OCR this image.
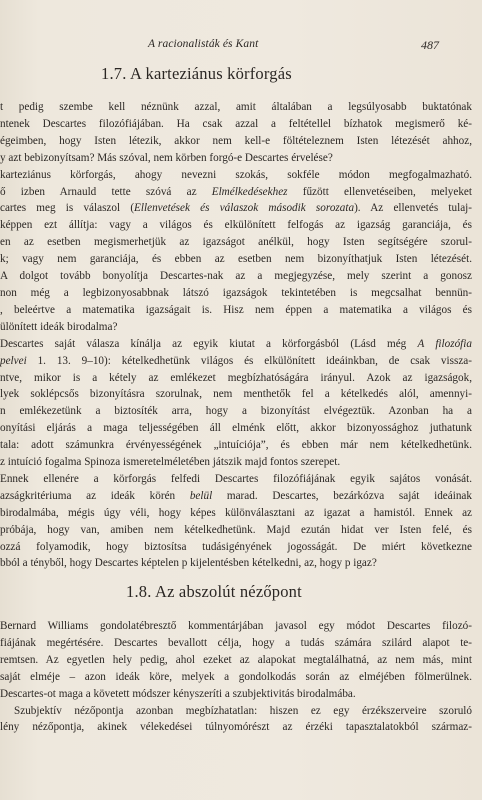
A racionalisták és Kant	487
1.7. A karteziánus körforgás

t pedig szembe kell néznünk azzal, amit általában a legsúlyosabb buktatónak

ntenek Descartes filozófiájában. Ha csak azzal a feltétellel bízhatok megismerő ké-

égeimben, hogy Isten létezik, akkor nem kell-e föltételeznem Isten létezését ahhoz,

y azt bebizonyítsam? Más szóval, nem körben forgó-e Descartes érvelése?

karteziánus körforgás, ahogy nevezni szokás, sokféle módon megfogalmazható.

ő izben Arnauld tette szóvá az Elmélkedésekhez fűzött ellenvetéseiben, melyeket

cartes meg is válaszol (Ellenvetések és válaszok második sorozata). Az ellenvetés tulaj-

képpen ezt állítja: vagy a világos és elkülönített felfogás az igazság garanciája, és

en az esetben megismerhetjük az igazságot anélkül, hogy Isten segítségére szorul-

k; vagy nem garanciája, és ebben az esetben nem bizonyíthatjuk Isten létezését.

A dolgot tovább bonyolítja Descartes-nak az a megjegyzése, mely szerint a gonosz

non még a legbizonyosabbnak látszó igazságok tekintetében is megcsalhat bennün-

, beleértve a matematika igazságait is. Hisz nem éppen a matematika a világos és

ülönített ideák birodalma?

Descartes saját válasza kínálja az egyik kiutat a körforgásból (Lásd még A filozófia

pelvei 1. 13. 9–10): kételkedhetünk világos és elkülönített ideáinkban, de csak vissza-

ntve, mikor is a kétely az emlékezet megbízhatóságára irányul. Azok az igazságok,

lyek soklépcsős bizonyításra szorulnak, nem menthetők fel a kételkedés alól, amennyi-

n emlékezetünk a biztosíték arra, hogy a bizonyítást elvégeztük. Azonban ha a

onyítási eljárás a maga teljességében áll elménk előtt, akkor bizonyossághoz juthatunk

tala: adott számunkra érvényességének „intuíciója”, és ebben már nem kételkedhetünk.

z intuíció fogalma Spinoza ismeretelméletében játszik majd fontos szerepet.

Ennek ellenére a körforgás felfedi Descartes filozófiájának egyik sajátos vonását.

azságkritériuma az ideák körén belül marad. Descartes, bezárkózva saját ideáinak

birodalmába, mégis úgy véli, hogy képes különválasztani az igazat a hamistól. Ennek az

próbája, hogy van, amiben nem kételkedhetünk. Majd ezután hidat ver Isten felé, és

ozzá folyamodik, hogy biztosítsa tudásigényének jogosságát. De miért következne

bból a tényből, hogy Descartes képtelen p kijelentésben kételkedni, az, hogy p igaz?

1.8. Az abszolút nézőpont

Bernard Williams gondolatébresztő kommentárjában javasol egy módot Descartes filozó-

fiájának megértésére. Descartes bevallott célja, hogy a tudás számára szilárd alapot te-

remtsen. Az egyetlen hely pedig, ahol ezeket az alapokat megtalálhatná, az nem más, mint

saját elméje – azon ideák köre, melyek a gondolkodás során az elméjében fölmerülnek.

Descartes-ot maga a követett módszer kényszeríti a szubjektivitás birodalmába.

Szubjektív nézőpontja azonban megbízhatatlan: hiszen ez egy érzékszerveire szoruló

lény nézőpontja, akinek vélekedései túlnyomórészt az érzéki tapasztalatokból származ-
